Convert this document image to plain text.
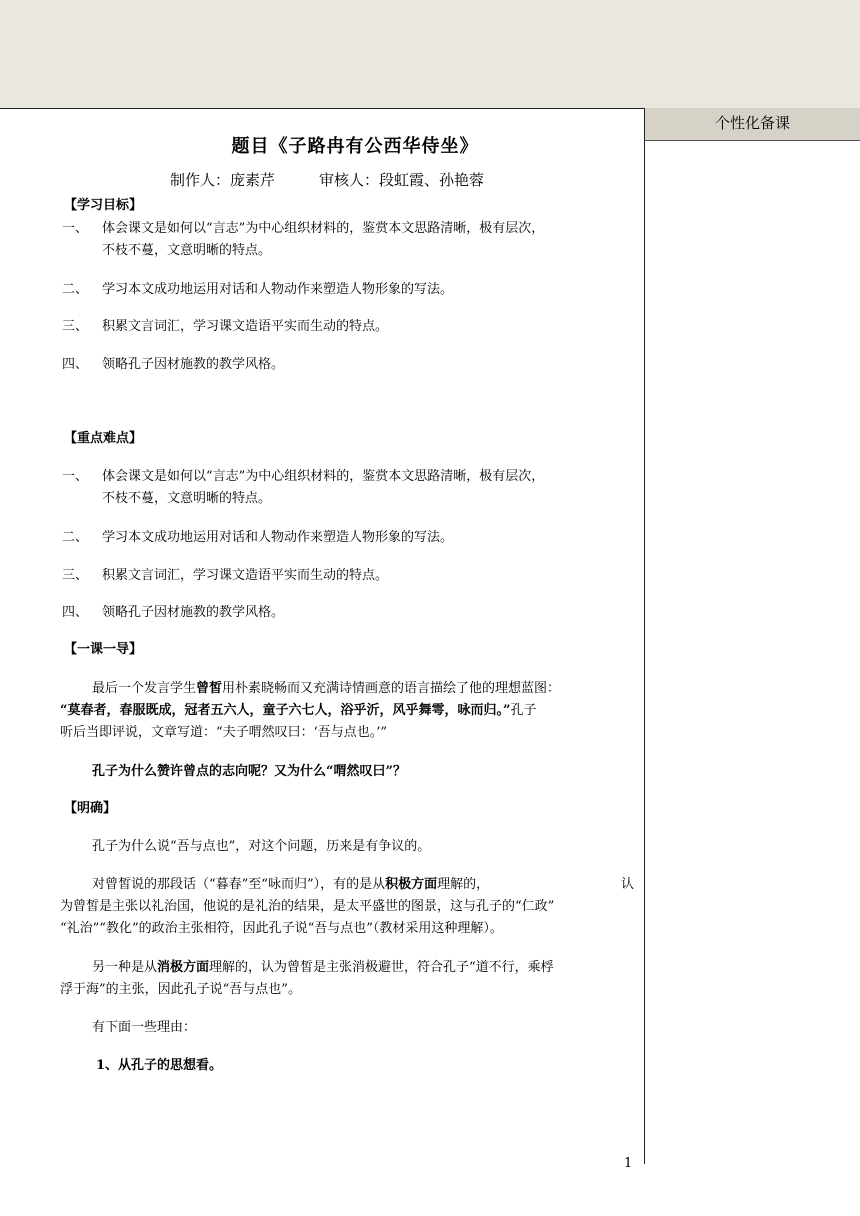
个性化备课
题目《子路冉有公西华侍坐》
制作人：庞素芹	审核人：段虹霞、孙艳蓉
【学习目标】
一、 体会课文是如何以“言志”为中心组织材料的，鉴赏本文思路清晰，极有层次，
不枝不蔓，文意明晰的特点。
二、 学习本文成功地运用对话和人物动作来塑造人物形象的写法。
三、 积累文言词汇，学习课文造语平实而生动的特点。
四、 领略孔子因材施教的教学风格。
【重点难点】
一、 体会课文是如何以“言志”为中心组织材料的，鉴赏本文思路清晰，极有层次，
不枝不蔓，文意明晰的特点。
二、 学习本文成功地运用对话和人物动作来塑造人物形象的写法。
三、 积累文言词汇，学习课文造语平实而生动的特点。
四、 领略孔子因材施教的教学风格。
【一课一导】
最后一个发言学生曾皙用朴素晓畅而又充满诗情画意的语言描绘了他的理想蓝图：
“莫春者，春服既成，冠者五六人，童子六七人，浴乎沂，风乎舞雩，咏而归。”孔子
听后当即评说，文章写道：“夫子喟然叹曰：‘吾与点也。’”
孔子为什么赞许曾点的志向呢？又为什么“喟然叹曰”？
【明确】
孔子为什么说“吾与点也”，对这个问题，历来是有争议的。
对曾皙说的那段话（“暮春”至“咏而归”），有的是从积极方面理解的，	认
为曾皙是主张以礼治国，他说的是礼治的结果，是太平盛世的图景，这与孔子的“仁政”
“礼治”“教化”的政治主张相符，因此孔子说“吾与点也”（教材采用这种理解）。
另一种是从消极方面理解的，认为曾皙是主张消极避世，符合孔子“道不行，乘桴
浮于海”的主张，因此孔子说“吾与点也”。
有下面一些理由：
1、从孔子的思想看。
1
